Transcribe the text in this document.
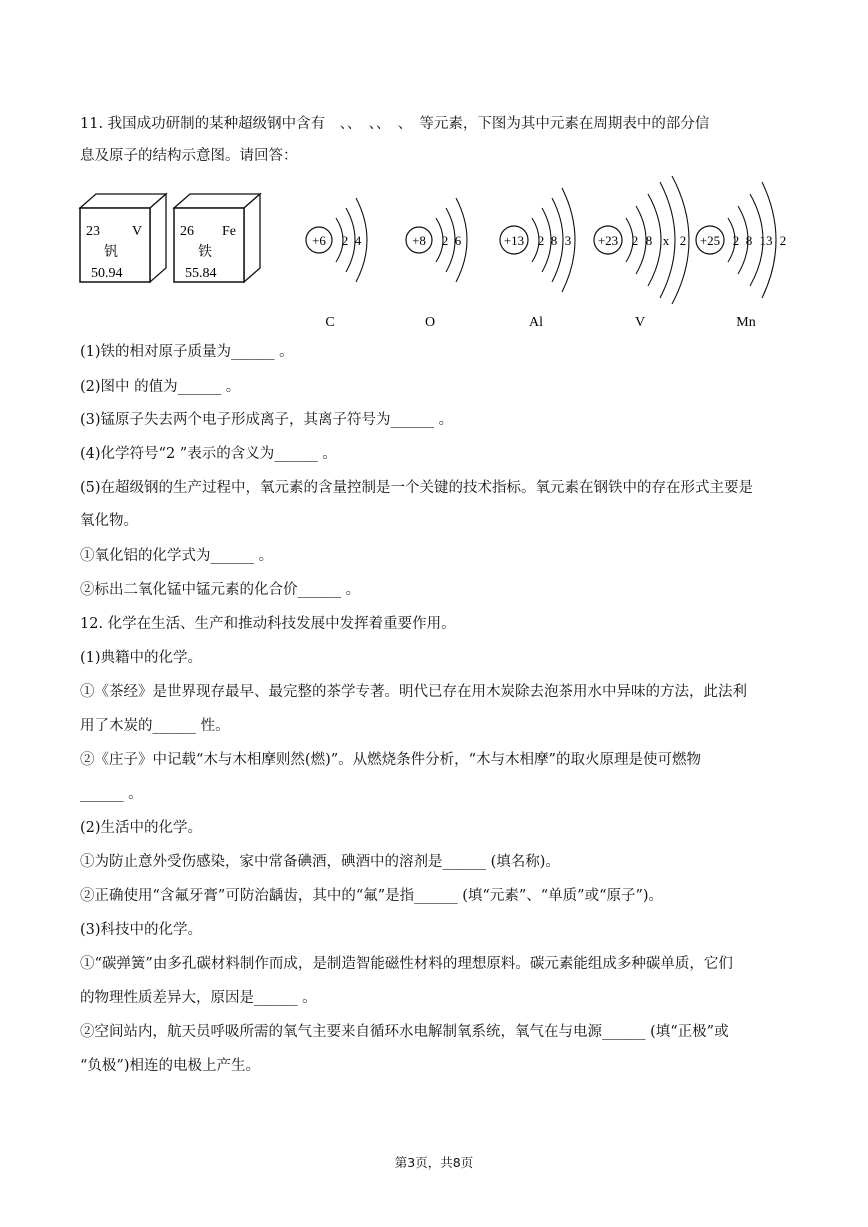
11. 我国成功研制的某种超级钢中含有　、、　、、　、　等元素，下图为其中元素在周期表中的部分信
息及原子的结构示意图。请回答：
23 V
钒
50.94
26 Fe
铁
55.84
+6 2 4
C
+8 2 6
O
+13 2 8 3
Al
+23 2 8 x 2
V
+25 2 8 13 2
Mn
(1)铁的相对原子质量为______ 。
(2)图中 的值为______ 。
(3)锰原子失去两个电子形成离子，其离子符号为______ 。
(4)化学符号“2 ”表示的含义为______ 。
(5)在超级钢的生产过程中，氧元素的含量控制是一个关键的技术指标。氧元素在钢铁中的存在形式主要是
氧化物。
①氧化铝的化学式为______ 。
②标出二氧化锰中锰元素的化合价______ 。
12. 化学在生活、生产和推动科技发展中发挥着重要作用。
(1)典籍中的化学。
①《茶经》是世界现存最早、最完整的茶学专著。明代已存在用木炭除去泡茶用水中异味的方法，此法利
用了木炭的______ 性。
②《庄子》中记载“木与木相摩则然(燃)”。从燃烧条件分析，“木与木相摩”的取火原理是使可燃物
______ 。
(2)生活中的化学。
①为防止意外受伤感染，家中常备碘酒，碘酒中的溶剂是______ (填名称)。
②正确使用“含氟牙膏”可防治龋齿，其中的“氟”是指______ (填“元素”、“单质”或“原子”)。
(3)科技中的化学。
①“碳弹簧”由多孔碳材料制作而成，是制造智能磁性材料的理想原料。碳元素能组成多种碳单质，它们
的物理性质差异大，原因是______ 。
②空间站内，航天员呼吸所需的氧气主要来自循环水电解制氧系统，氧气在与电源______ (填“正极”或
“负极”)相连的电极上产生。
第3页，共8页
